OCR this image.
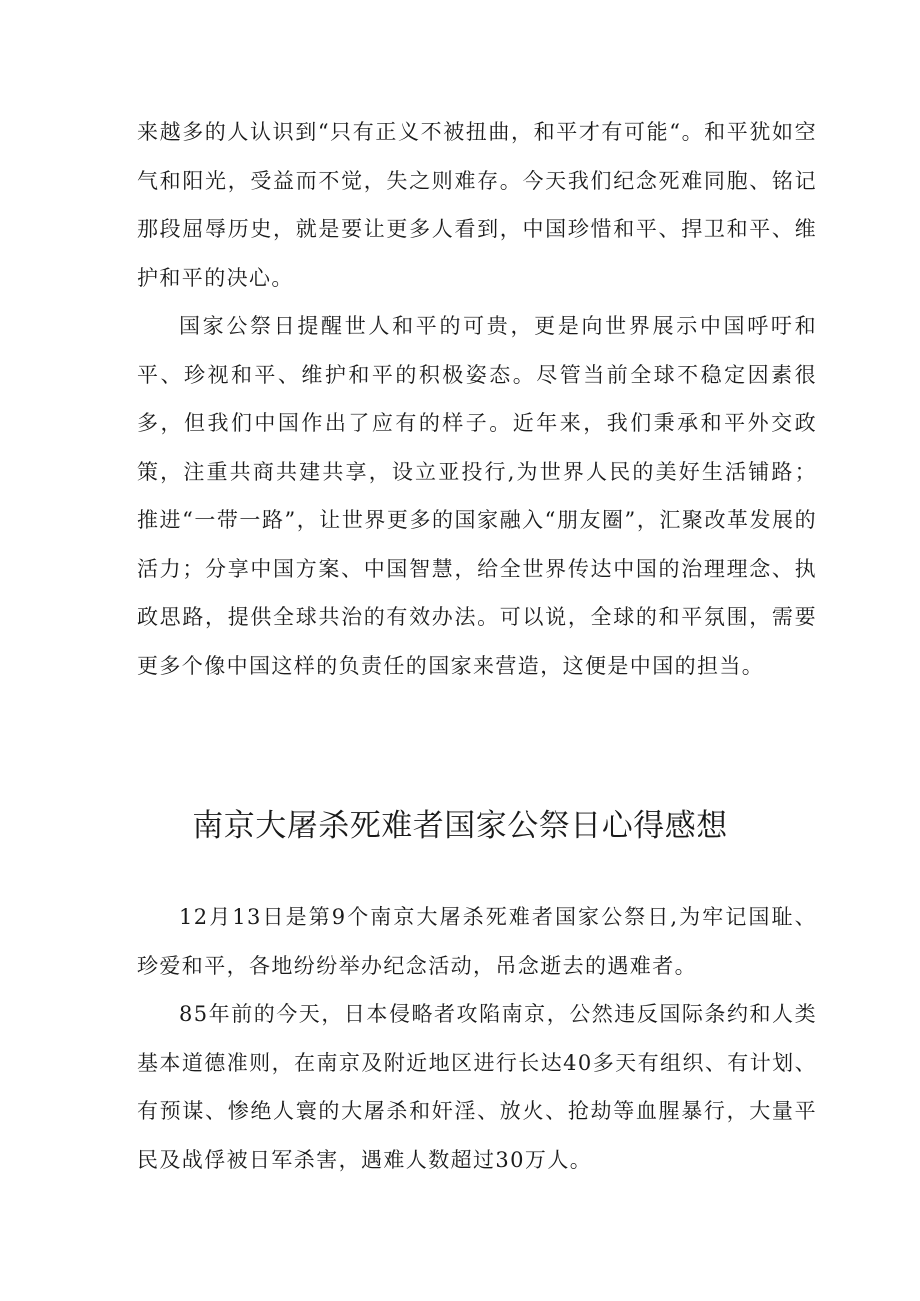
来越多的人认识到“只有正义不被扭曲，和平才有可能“。和平犹如空气和阳光，受益而不觉，失之则难存。今天我们纪念死难同胞、铭记那段屈辱历史，就是要让更多人看到，中国珍惜和平、捍卫和平、维护和平的决心。

国家公祭日提醒世人和平的可贵，更是向世界展示中国呼吁和平、珍视和平、维护和平的积极姿态。尽管当前全球不稳定因素很多，但我们中国作出了应有的样子。近年来，我们秉承和平外交政策，注重共商共建共享，设立亚投行,为世界人民的美好生活铺路；推进“一带一路”，让世界更多的国家融入“朋友圈”，汇聚改革发展的活力；分享中国方案、中国智慧，给全世界传达中国的治理理念、执政思路，提供全球共治的有效办法。可以说，全球的和平氛围，需要更多个像中国这样的负责任的国家来营造，这便是中国的担当。

南京大屠杀死难者国家公祭日心得感想

12月13日是第9个南京大屠杀死难者国家公祭日,为牢记国耻、珍爱和平，各地纷纷举办纪念活动，吊念逝去的遇难者。

85年前的今天，日本侵略者攻陷南京，公然违反国际条约和人类基本道德准则，在南京及附近地区进行长达40多天有组织、有计划、有预谋、惨绝人寰的大屠杀和奸淫、放火、抢劫等血腥暴行，大量平民及战俘被日军杀害，遇难人数超过30万人。
